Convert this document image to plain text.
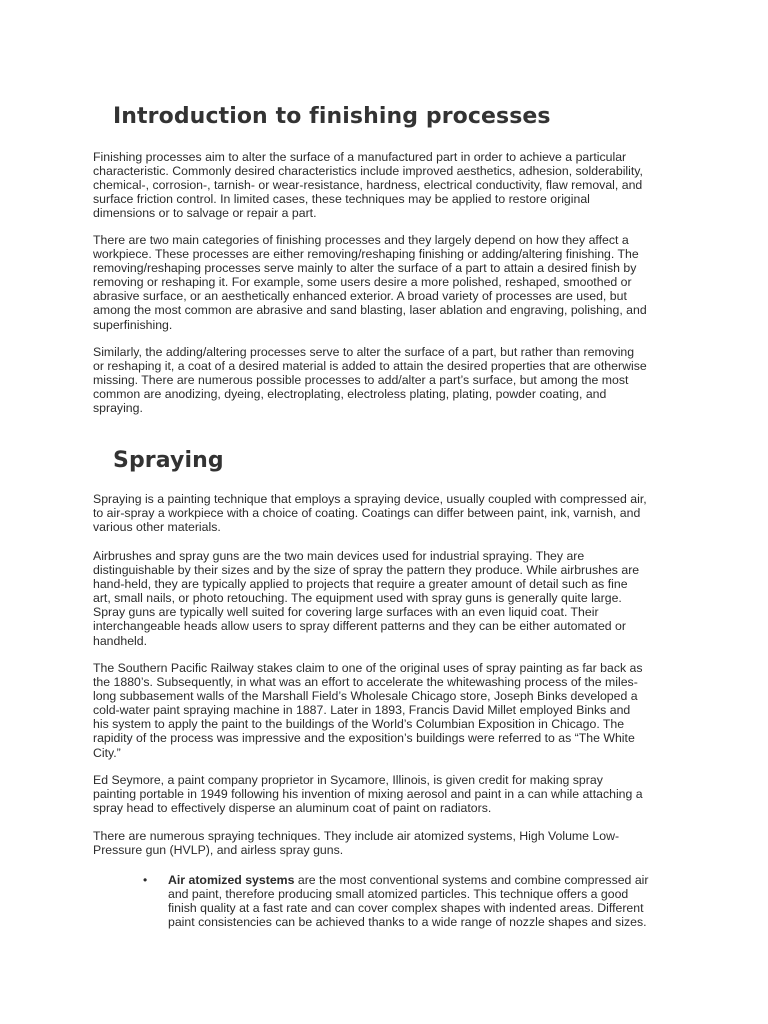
Introduction to finishing processes

Finishing processes aim to alter the surface of a manufactured part in order to achieve a particular
characteristic. Commonly desired characteristics include improved aesthetics, adhesion, solderability,
chemical-, corrosion-, tarnish- or wear-resistance, hardness, electrical conductivity, flaw removal, and
surface friction control. In limited cases, these techniques may be applied to restore original
dimensions or to salvage or repair a part.

There are two main categories of finishing processes and they largely depend on how they affect a
workpiece. These processes are either removing/reshaping finishing or adding/altering finishing. The
removing/reshaping processes serve mainly to alter the surface of a part to attain a desired finish by
removing or reshaping it. For example, some users desire a more polished, reshaped, smoothed or
abrasive surface, or an aesthetically enhanced exterior. A broad variety of processes are used, but
among the most common are abrasive and sand blasting, laser ablation and engraving, polishing, and
superfinishing.

Similarly, the adding/altering processes serve to alter the surface of a part, but rather than removing
or reshaping it, a coat of a desired material is added to attain the desired properties that are otherwise
missing. There are numerous possible processes to add/alter a part’s surface, but among the most
common are anodizing, dyeing, electroplating, electroless plating, plating, powder coating, and
spraying.

Spraying

Spraying is a painting technique that employs a spraying device, usually coupled with compressed air,
to air-spray a workpiece with a choice of coating. Coatings can differ between paint, ink, varnish, and
various other materials.

Airbrushes and spray guns are the two main devices used for industrial spraying. They are
distinguishable by their sizes and by the size of spray the pattern they produce. While airbrushes are
hand-held, they are typically applied to projects that require a greater amount of detail such as fine
art, small nails, or photo retouching. The equipment used with spray guns is generally quite large.
Spray guns are typically well suited for covering large surfaces with an even liquid coat. Their
interchangeable heads allow users to spray different patterns and they can be either automated or
handheld.

The Southern Pacific Railway stakes claim to one of the original uses of spray painting as far back as
the 1880’s. Subsequently, in what was an effort to accelerate the whitewashing process of the miles-
long subbasement walls of the Marshall Field’s Wholesale Chicago store, Joseph Binks developed a
cold-water paint spraying machine in 1887. Later in 1893, Francis David Millet employed Binks and
his system to apply the paint to the buildings of the World’s Columbian Exposition in Chicago. The
rapidity of the process was impressive and the exposition’s buildings were referred to as “The White
City.”

Ed Seymore, a paint company proprietor in Sycamore, Illinois, is given credit for making spray
painting portable in 1949 following his invention of mixing aerosol and paint in a can while attaching a
spray head to effectively disperse an aluminum coat of paint on radiators.

There are numerous spraying techniques. They include air atomized systems, High Volume Low-
Pressure gun (HVLP), and airless spray guns.

• Air atomized systems are the most conventional systems and combine compressed air
and paint, therefore producing small atomized particles. This technique offers a good
finish quality at a fast rate and can cover complex shapes with indented areas. Different
paint consistencies can be achieved thanks to a wide range of nozzle shapes and sizes.
